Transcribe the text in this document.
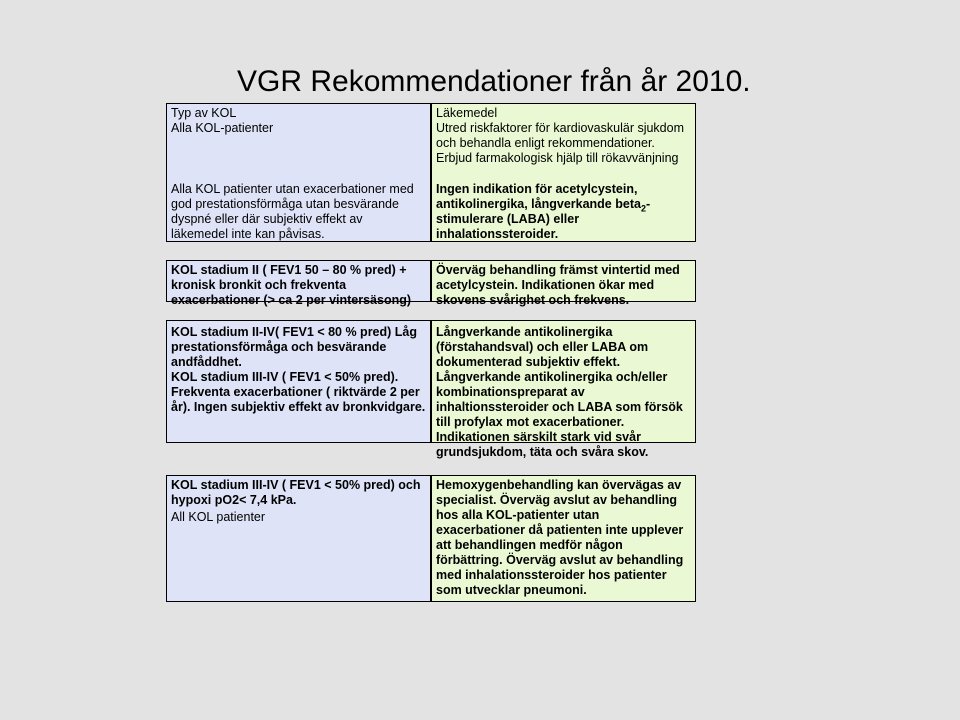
VGR Rekommendationer från år 2010.
Typ av KOL
Alla KOL-patienter
Alla KOL patienter utan exacerbationer med god prestationsförmåga utan besvärande dyspné eller där subjektiv effekt av läkemedel inte kan påvisas.
Läkemedel
Utred riskfaktorer för kardiovaskulär sjukdom och behandla enligt rekommendationer. Erbjud farmakologisk hjälp till rökavvänjning
Ingen indikation för acetylcystein, antikolinergika, långverkande beta$_2$-stimulerare (LABA) eller inhalationssteroider.
KOL stadium II ( FEV1 50 – 80 % pred) + kronisk bronkit och frekventa exacerbationer (> ca 2 per vintersäsong)
Överväg behandling främst vintertid med acetylcystein. Indikationen ökar med skovens svårighet och frekvens.
KOL stadium II-IV( FEV1 < 80 % pred) Låg prestationsförmåga och besvärande andfåddhet.
KOL stadium III-IV ( FEV1 < 50% pred). Frekventa exacerbationer ( riktvärde 2 per år). Ingen subjektiv effekt av bronkvidgare.
Långverkande antikolinergika (förstahandsval) och eller LABA om dokumenterad subjektiv effekt.
Långverkande antikolinergika och/eller kombinationspreparat av inhaltionssteroider och LABA som försök till profylax mot exacerbationer. Indikationen särskilt stark vid svår grundsjukdom, täta och svåra skov.
KOL stadium III-IV ( FEV1 < 50% pred) och hypoxi pO2< 7,4 kPa.
All KOL patienter
Hemoxygenbehandling kan övervägas av specialist. Överväg avslut av behandling hos alla KOL-patienter utan exacerbationer då patienten inte upplever att behandlingen medför någon förbättring. Överväg avslut av behandling med inhalationssteroider hos patienter som utvecklar pneumoni.
